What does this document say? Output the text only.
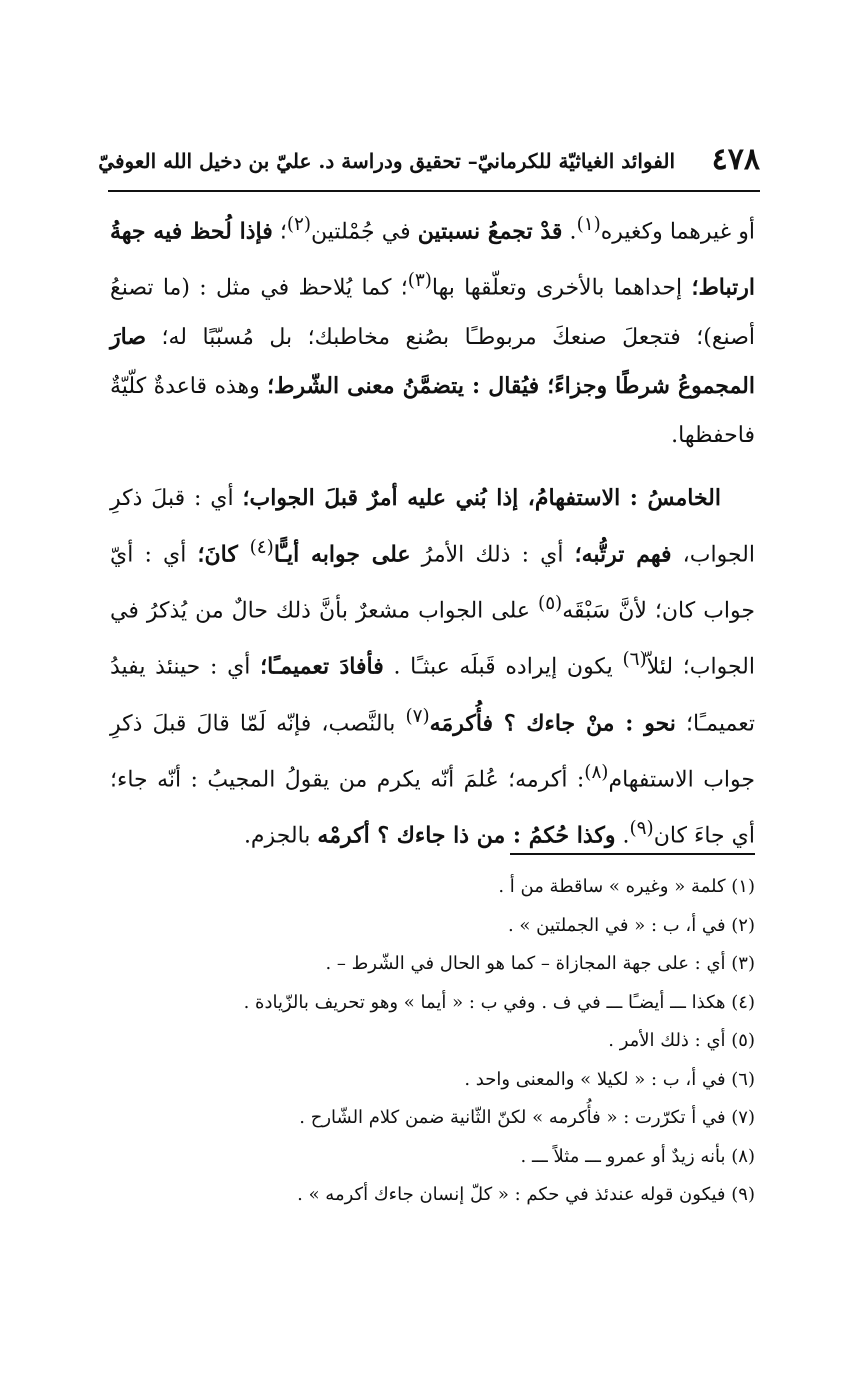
٤٧٨
الفوائد الغياثيّة للكرمانيّ– تحقيق ودراسة د. عليّ بن دخيل الله العوفيّ

أو غيرهما وكغيره$^{(١)}$. قدْ تجمعُ نسبتين في جُمْلتين$^{(٢)}$؛ فإذا لُحظ فيه جهةُ ارتباط؛ إحداهما بالأخرى وتعلّقها بها$^{(٣)}$؛ كما يُلاحظ في مثل : (ما تصنعُ أصنع)؛ فتجعلَ صنعكَ مربوطـًا بصُنع مخاطبك؛ بل مُسبّبًا له؛ صارَ المجموعُ شرطًا وجزاءً؛ فيُقال : يتضمَّنُ معنى الشّرط؛ وهذه قاعدةٌ كلّيّةٌ فاحفظها.

الخامسُ : الاستفهامُ، إذا بُني عليه أمرٌ قبلَ الجواب؛ أي : قبلَ ذكرِ الجواب، فهم ترتُّبه؛ أي : ذلك الأمرُ على جوابه أيـًّا$^{(٤)}$ كانَ؛ أي : أيّ جواب كان؛ لأنَّ سَبْقَه$^{(٥)}$ على الجواب مشعرٌ بأنَّ ذلك حالٌ من يُذكرُ في الجواب؛ لئلاّ$^{(٦)}$ يكون إيراده قَبلَه عبثـًا . فأفادَ تعميمـًا؛ أي : حينئذ يفيدُ تعميمـًا؛ نحو : منْ جاءك ؟ فأُكرمَه$^{(٧)}$ بالنَّصب، فإنّه لَمّا قالَ قبلَ ذكرِ جواب الاستفهام$^{(٨)}$: أكرمه؛ عُلمَ أنّه يكرم من يقولُ المجيبُ : أنّه جاء؛ أي جاءَ كان$^{(٩)}$. وكذا حُكمُ : من ذا جاءك ؟ أكرمْه بالجزم.

(١) كلمة « وغيره » ساقطة من أ .

(٢) في أ، ب : « في الجملتين » .

(٣) أي : على جهة المجازاة – كما هو الحال في الشّرط – .

(٤) هكذا ـــ أيضـًا ـــ في ف . وفي ب : « أيما » وهو تحريف بالزّيادة .

(٥) أي : ذلك الأمر .

(٦) في أ، ب : « لكيلا » والمعنى واحد .

(٧) في أ تكرّرت : « فأُكرمه » لكنّ الثّانية ضمن كلام الشّارح .

(٨) بأنه زيدٌ أو عمرو ـــ مثلاً ـــ .

(٩) فيكون قوله عندئذ في حكم : « كلّ إنسان جاءك أكرمه » .
